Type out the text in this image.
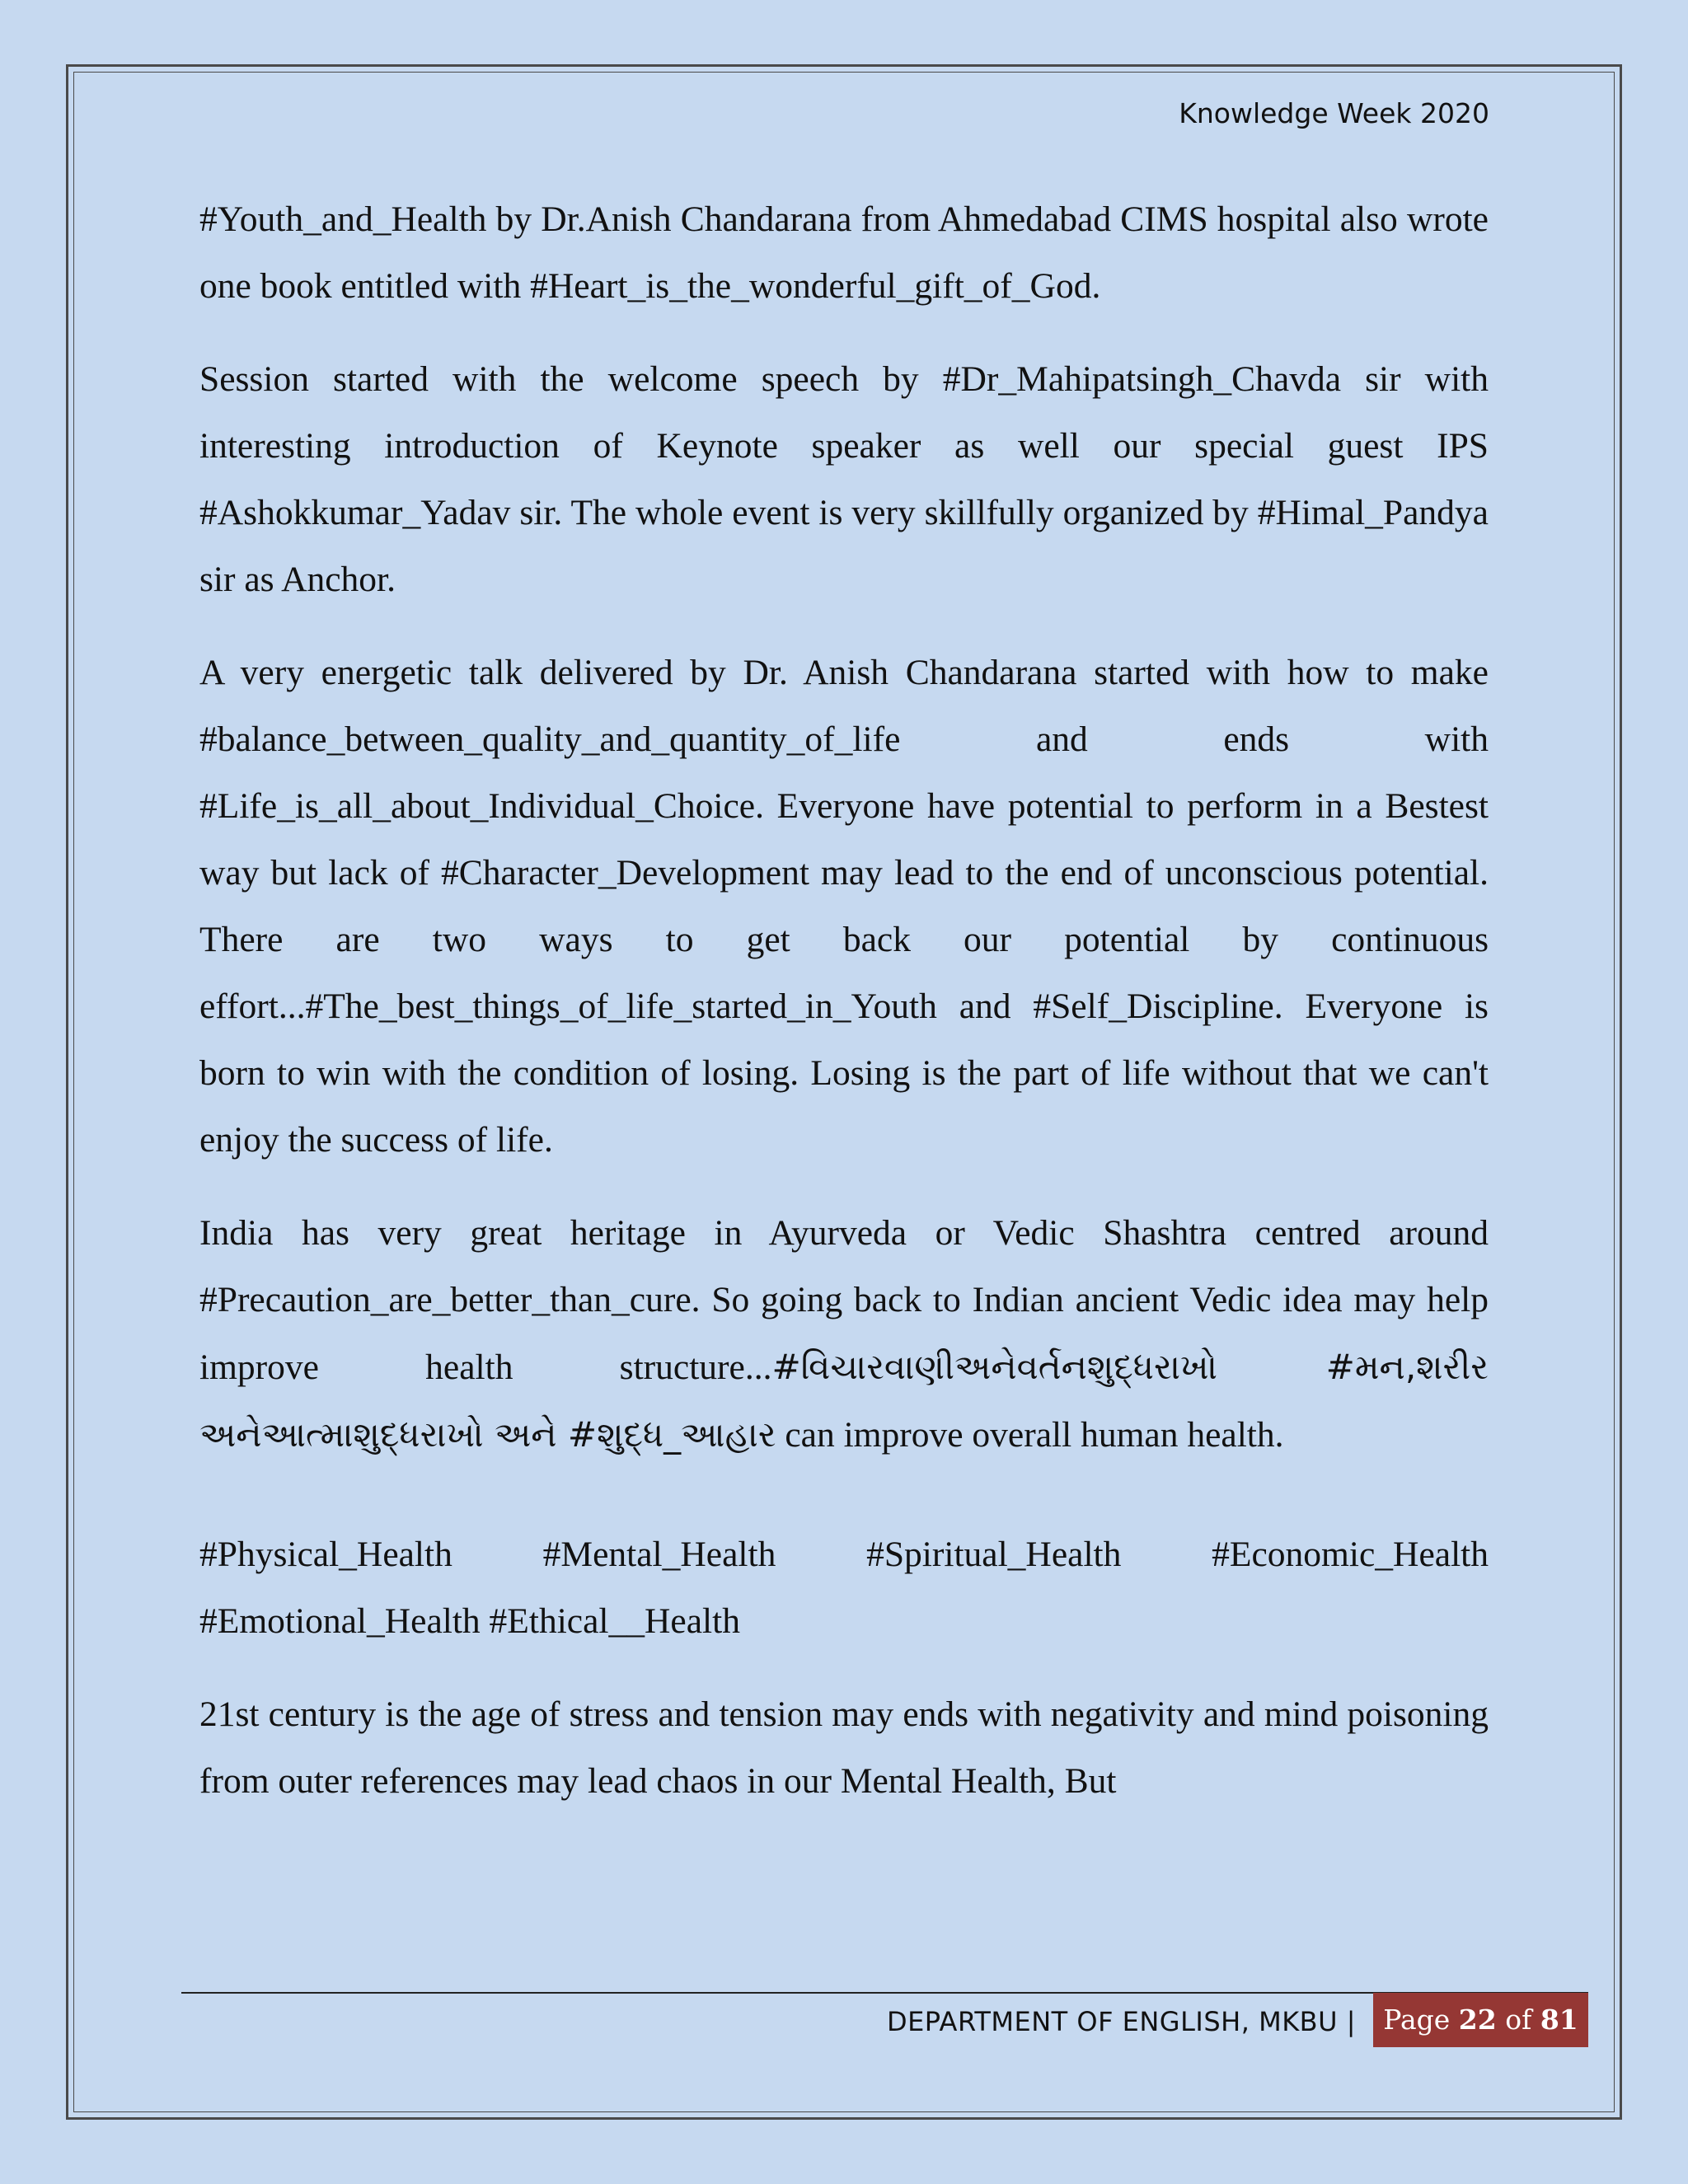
Knowledge Week 2020

#Youth_and_Health by Dr.Anish Chandarana from Ahmedabad CIMS hospital also wrote one book entitled with #Heart_is_the_wonderful_gift_of_God.

Session started with the welcome speech by #Dr_Mahipatsingh_Chavda sir with interesting introduction of Keynote speaker as well our special guest IPS #Ashokkumar_Yadav sir. The whole event is very skillfully organized by #Himal_Pandya sir as Anchor.

A very energetic talk delivered by Dr. Anish Chandarana started with how to make #balance_between_quality_and_quantity_of_life and ends with #Life_is_all_about_Individual_Choice. Everyone have potential to perform in a Bestest way but lack of #Character_Development may lead to the end of unconscious potential. There are two ways to get back our potential by continuous effort...#The_best_things_of_life_started_in_Youth and #Self_Discipline. Everyone is born to win with the condition of losing. Losing is the part of life without that we can't enjoy the success of life.

India has very great heritage in Ayurveda or Vedic Shashtra centred around #Precaution_are_better_than_cure. So going back to Indian ancient Vedic idea may help improve health structure...#વિચારવાણીઅનેવર્તનશુદ્ધરાખો #મન,શરીર અનેઆત્માશુદ્ધરાખો અને #શુદ્ધ_આહાર can improve overall human health.

#Physical_Health #Mental_Health #Spiritual_Health #Economic_Health #Emotional_Health #Ethical__Health

21st century is the age of stress and tension may ends with negativity and mind poisoning from outer references may lead chaos in our Mental Health, But

DEPARTMENT OF ENGLISH, MKBU |	Page 22 of 81
